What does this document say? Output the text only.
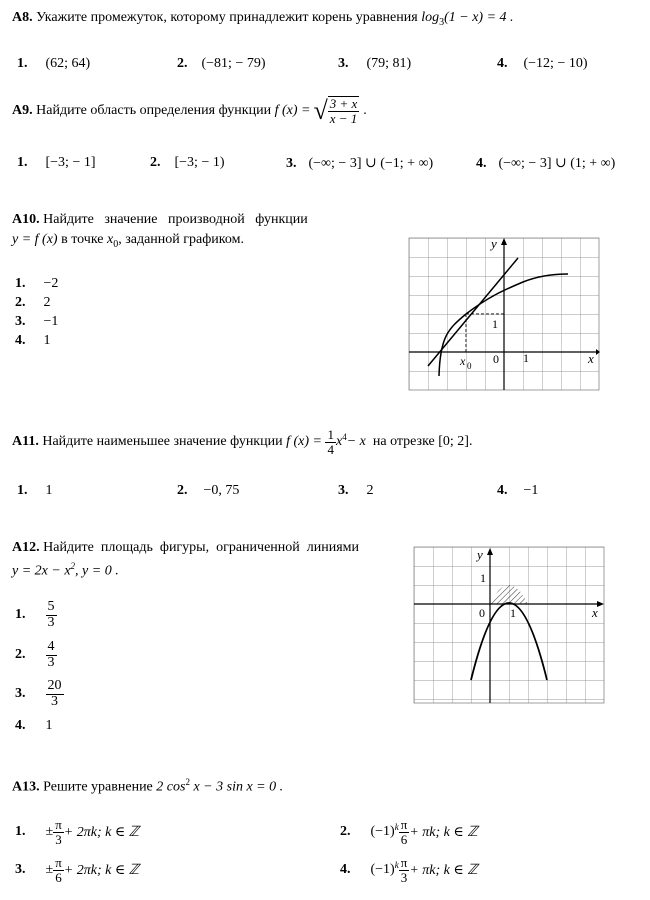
A8. Укажите промежуток, которому принадлежит корень уравнения $\log_3(1 - x) = 4$ .
1. (62; 64)	2. (−81; − 79)	3. (79; 81)	4. (−12; − 10)
A9.
Найдите область определения функции
f (x) = √ $\frac{3 + x}{x - 1}$ .
1. [−3; − 1]	2. [−3; − 1)	3. (−∞; − 3] ∪ (−1; + ∞)	4. (−∞; − 3] ∪ (1; + ∞)
A10. Найдите   значение   производной   функции
y = f (x) в точке $x_0$, заданной графиком.
1. −2
2. 2
3. −1
4. 1
y
x
1
1
0
x 0
A11.
Найдите наименьшее значение функции
f (x) =
$\frac{1}{4} x^4 - x$ на отрезке [0; 2].
1. 1	2. −0, 75	3. 2	4. −1
A12. Найдите  площадь  фигуры,  ограниченной  линиями
$y = 2x - x^2$, y = 0 .
1. $\frac{5}{3}$
2. $\frac{4}{3}$
3. $\frac{20}{3}$
4. 1
y
x
1
1
0
A13. Решите уравнение 2 $\cos^2 x - 3$ sin x = 0 .
1. ± $\frac{\pi}{3} + 2\pi k$; k ∈ ℤ	2. $(-1)^k \frac{\pi}{6} + \pi k$; k ∈ ℤ
3. ± $\frac{\pi}{6} + 2\pi k$; k ∈ ℤ	4. $(-1)^k \frac{\pi}{3} + \pi k$; k ∈ ℤ
